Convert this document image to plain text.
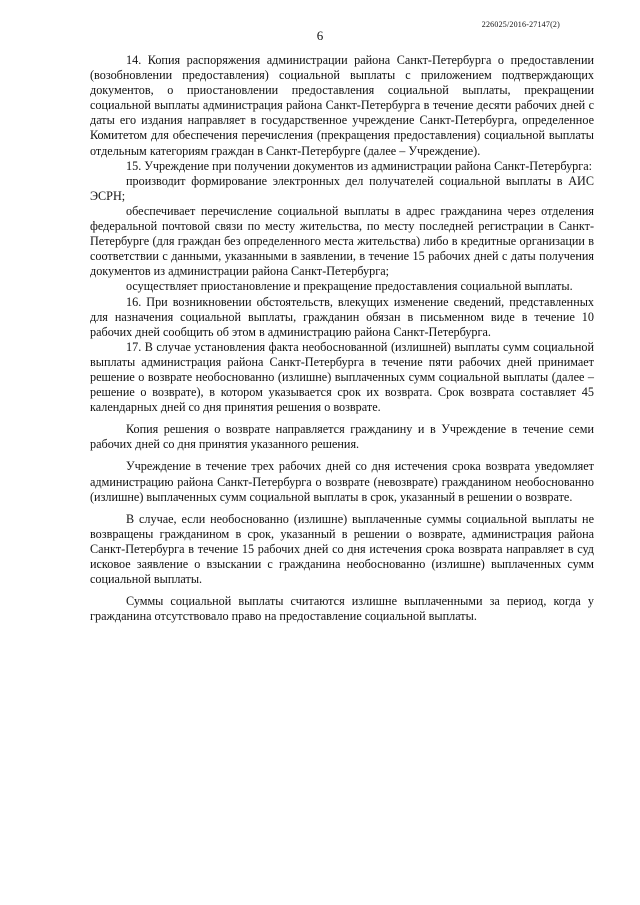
226025/2016-27147(2)
6

14. Копия распоряжения администрации района Санкт-Петербурга о предоставлении (возобновлении предоставления) социальной выплаты с приложением подтверждающих документов, о приостановлении предоставления социальной выплаты, прекращении социальной выплаты администрация района Санкт-Петербурга в течение десяти рабочих дней с даты его издания направляет в государственное учреждение Санкт-Петербурга, определенное Комитетом для обеспечения перечисления (прекращения предоставления) социальной выплаты отдельным категориям граждан в Санкт-Петербурге (далее – Учреждение).

15. Учреждение при получении документов из администрации района Санкт-Петербурга:

производит формирование электронных дел получателей социальной выплаты в АИС ЭСРН;

обеспечивает перечисление социальной выплаты в адрес гражданина через отделения федеральной почтовой связи по месту жительства, по месту последней регистрации в Санкт-Петербурге (для граждан без определенного места жительства) либо в кредитные организации в соответствии с данными, указанными в заявлении, в течение 15 рабочих дней с даты получения документов из администрации района Санкт-Петербурга;

осуществляет приостановление и прекращение предоставления социальной выплаты.

16. При возникновении обстоятельств, влекущих изменение сведений, представленных для назначения социальной выплаты, гражданин обязан в письменном виде в течение 10 рабочих дней сообщить об этом в администрацию района Санкт-Петербурга.

17. В случае установления факта необоснованной (излишней) выплаты сумм социальной выплаты администрация района Санкт-Петербурга в течение пяти рабочих дней принимает решение о возврате необоснованно (излишне) выплаченных сумм социальной выплаты (далее – решение о возврате), в котором указывается срок их возврата. Срок возврата составляет 45 календарных дней со дня принятия решения о возврате.

Копия решения о возврате направляется гражданину и в Учреждение в течение семи рабочих дней со дня принятия указанного решения.

Учреждение в течение трех рабочих дней со дня истечения срока возврата уведомляет администрацию района Санкт-Петербурга о возврате (невозврате) гражданином необоснованно (излишне) выплаченных сумм социальной выплаты в срок, указанный в решении о возврате.

В случае, если необоснованно (излишне) выплаченные суммы социальной выплаты не возвращены гражданином в срок, указанный в решении о возврате, администрация района Санкт-Петербурга в течение 15 рабочих дней со дня истечения срока возврата направляет в суд исковое заявление о взыскании с гражданина необоснованно (излишне) выплаченных сумм социальной выплаты.

Суммы социальной выплаты считаются излишне выплаченными за период, когда у гражданина отсутствовало право на предоставление социальной выплаты.
